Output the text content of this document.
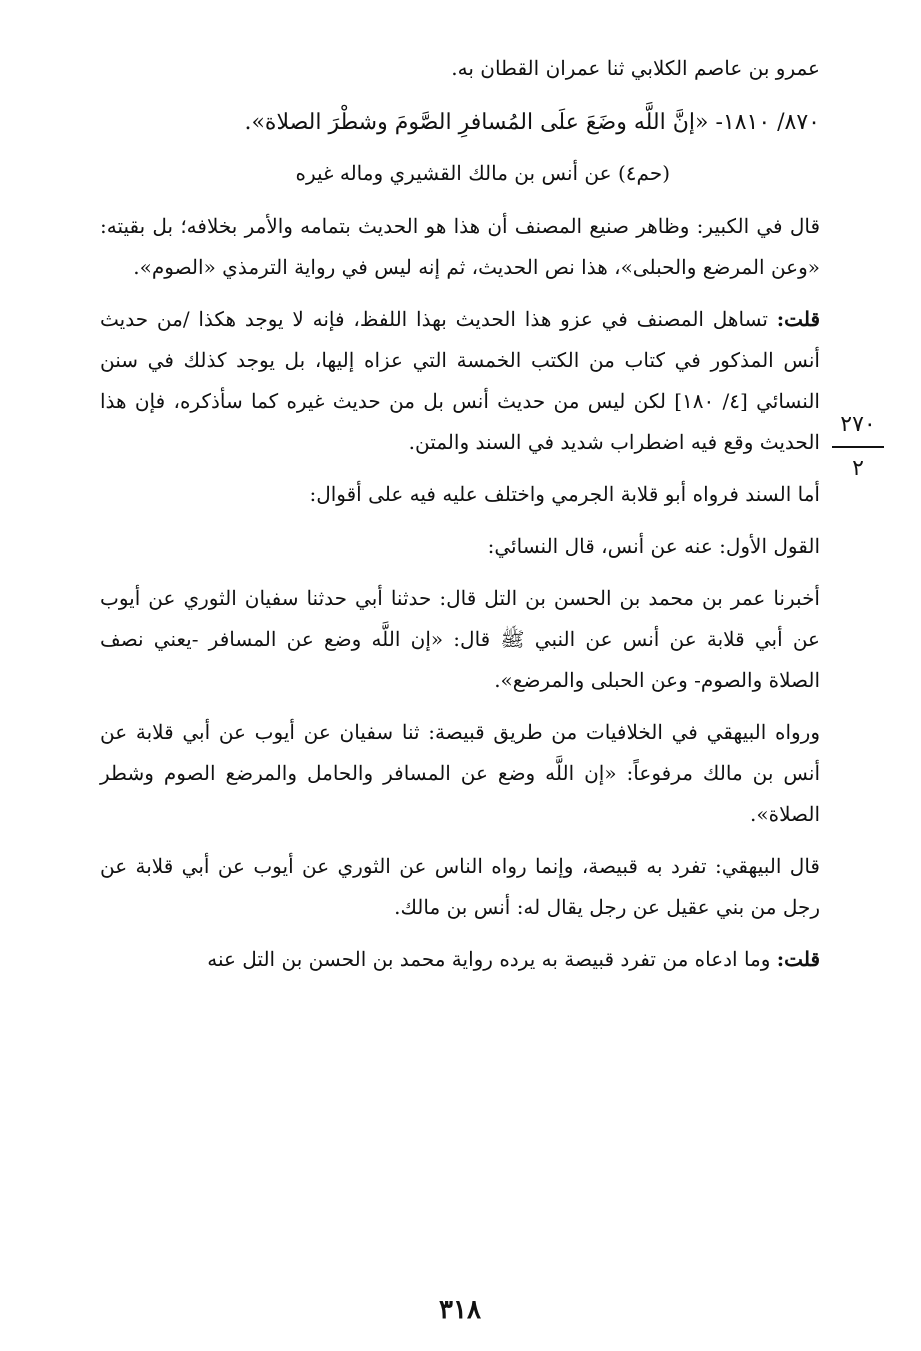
عمرو بن عاصم الكلابي ثنا عمران القطان به.

٨٧٠/ ١٨١٠- «إنَّ اللَّه وضَعَ علَى المُسافرِ الصَّومَ وشطْرَ الصلاة».

(حم٤) عن أنس بن مالك القشيري وماله غيره

قال في الكبير: وظاهر صنيع المصنف أن هذا هو الحديث بتمامه والأمر بخلافه؛ بل بقيته: «وعن المرضع والحبلى»، هذا نص الحديث، ثم إنه ليس في رواية الترمذي «الصوم».

قلت: تساهل المصنف في عزو هذا الحديث بهذا اللفظ، فإنه لا يوجد هكذا /من حديث أنس المذكور في كتاب من الكتب الخمسة التي عزاه إليها، بل يوجد كذلك في سنن النسائي [٤/ ١٨٠] لكن ليس من حديث أنس بل من حديث غيره كما سأذكره، فإن هذا الحديث وقع فيه اضطراب شديد في السند والمتن.

أما السند فرواه أبو قلابة الجرمي واختلف عليه فيه على أقوال:

القول الأول: عنه عن أنس، قال النسائي:

أخبرنا عمر بن محمد بن الحسن بن التل قال: حدثنا أبي حدثنا سفيان الثوري عن أيوب عن أبي قلابة عن أنس عن النبي ﷺ قال: «إن اللَّه وضع عن المسافر -يعني نصف الصلاة والصوم- وعن الحبلى والمرضع».

ورواه البيهقي في الخلافيات من طريق قبيصة: ثنا سفيان عن أيوب عن أبي قلابة عن أنس بن مالك مرفوعاً: «إن اللَّه وضع عن المسافر والحامل والمرضع الصوم وشطر الصلاة».

قال البيهقي: تفرد به قبيصة، وإنما رواه الناس عن الثوري عن أيوب عن أبي قلابة عن رجل من بني عقيل عن رجل يقال له: أنس بن مالك.

قلت: وما ادعاه من تفرد قبيصة به يرده رواية محمد بن الحسن بن التل عنه

٢٧٠
٢
٣١٨
